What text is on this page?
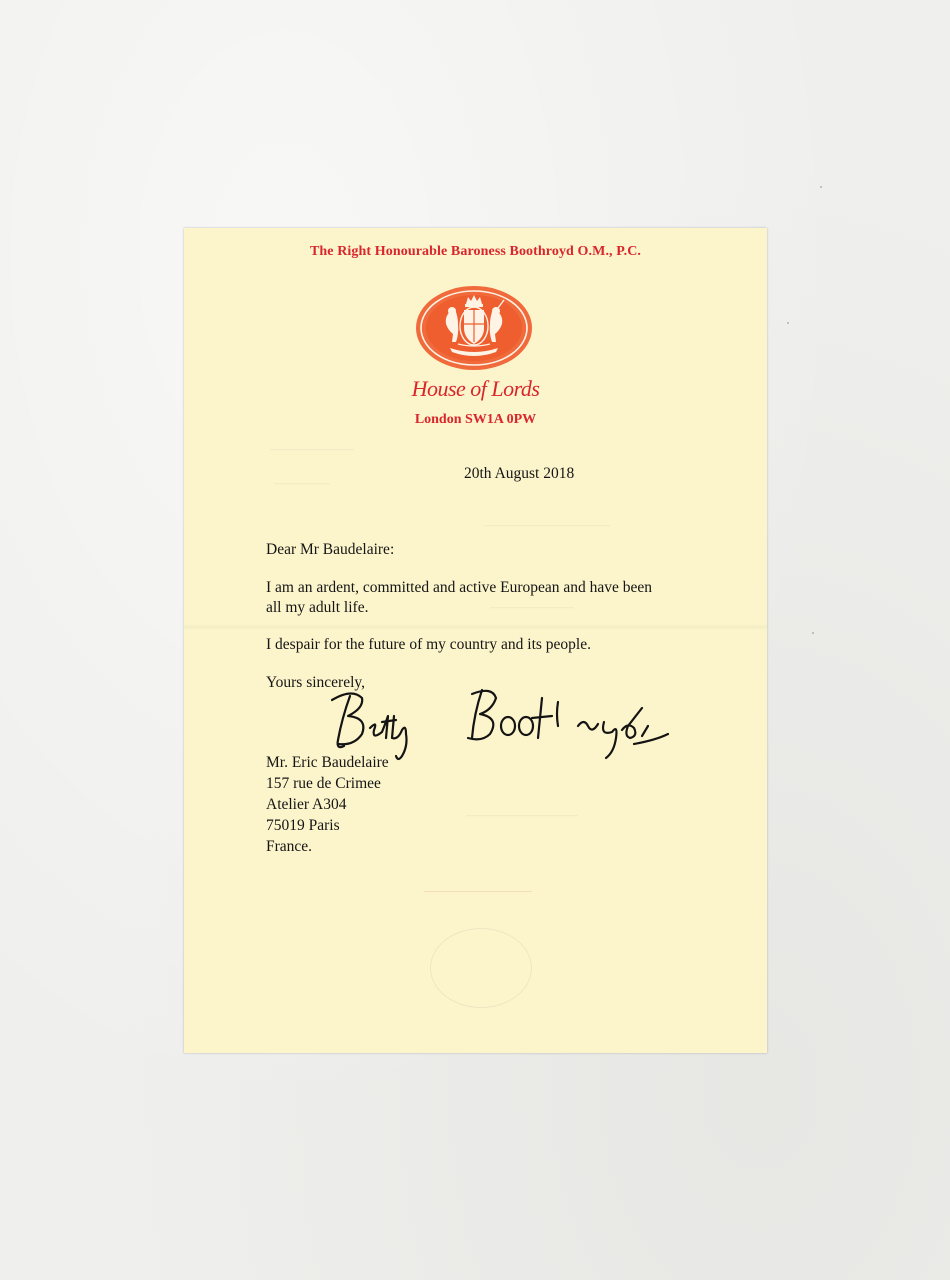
——————
————
—————————
——————
————————
——————
The Right Honourable Baroness Boothroyd O.M., P.C.
House of Lords
London SW1A 0PW
20th August 2018
Dear Mr Baudelaire:
I am an ardent, committed and active European and have been
all my adult life.
I despair for the future of my country and its people.
Yours sincerely,
Mr. Eric Baudelaire
157 rue de Crimee
Atelier A304
75019 Paris
France.
